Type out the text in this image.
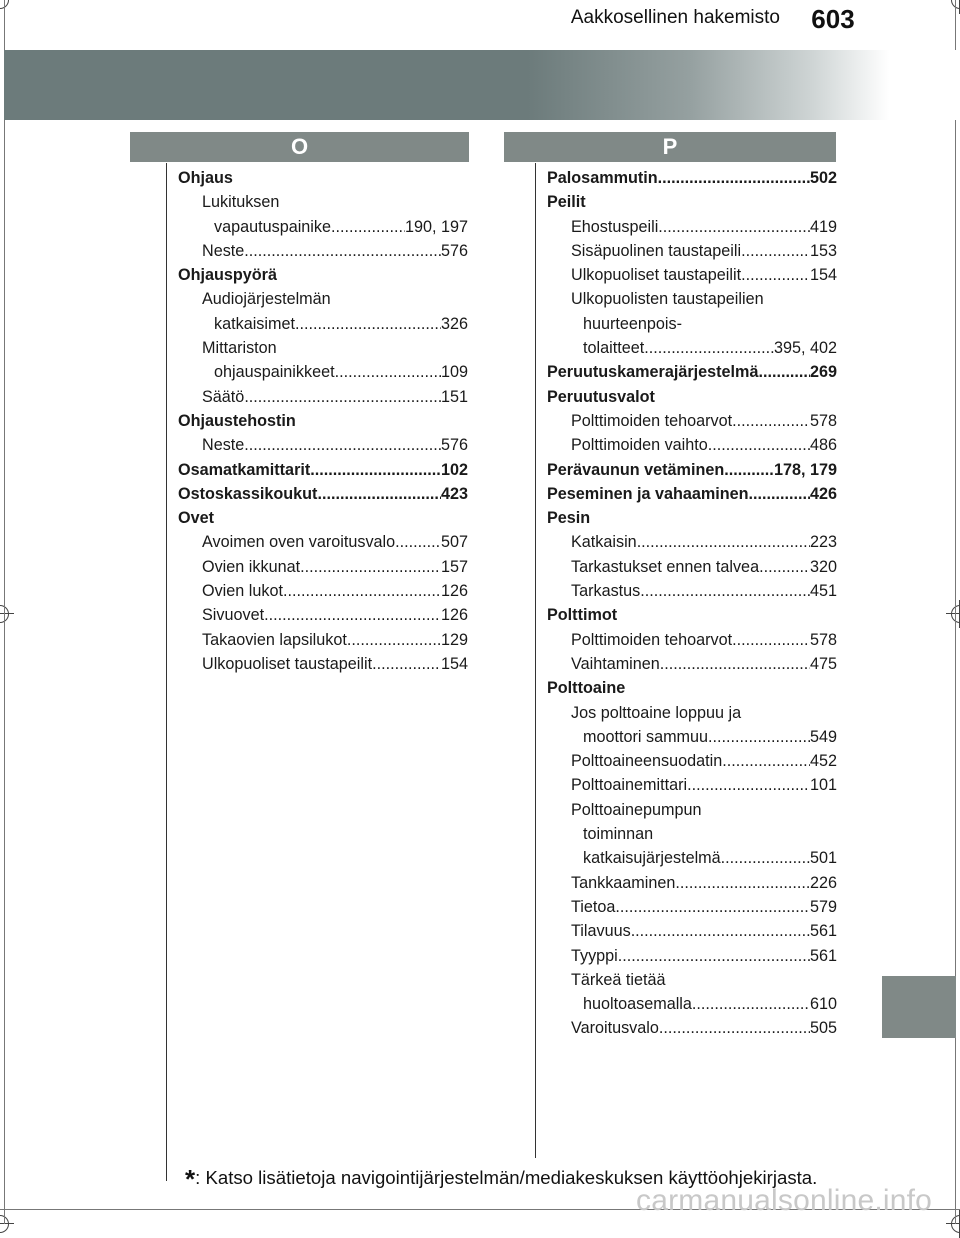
Aakkosellinen hakemisto	603
O	P
Ohjaus
Lukituksen
vapautuspainike .....	190, 197
Neste .....	576
Ohjauspyörä
Audiojärjestelmän
katkaisimet .....	326
Mittariston
ohjauspainikkeet .....	109
Säätö .....	151
Ohjaustehostin
Neste .....	576
Osamatkamittarit .....	102
Ostoskassikoukut .....	423
Ovet
Avoimen oven varoitusvalo .....	507
Ovien ikkunat .....	157
Ovien lukot .....	126
Sivuovet .....	126
Takaovien lapsilukot .....	129
Ulkopuoliset taustapeilit .....	154
Palosammutin .....	502
Peilit
Ehostuspeili .....	419
Sisäpuolinen taustapeili .....	153
Ulkopuoliset taustapeilit .....	154
Ulkopuolisten taustapeilien
huurteenpois-
tolaitteet .....	395, 402
Peruutuskamerajärjestelmä .....	269
Peruutusvalot
Polttimoiden tehoarvot .....	578
Polttimoiden vaihto .....	486
Perävaunun vetäminen .....	178, 179
Peseminen ja vahaaminen .....	426
Pesin
Katkaisin .....	223
Tarkastukset ennen talvea .....	320
Tarkastus .....	451
Polttimot
Polttimoiden tehoarvot .....	578
Vaihtaminen .....	475
Polttoaine
Jos polttoaine loppuu ja
moottori sammuu .....	549
Polttoaineensuodatin .....	452
Polttoainemittari .....	101
Polttoainepumpun
toiminnan
katkaisujärjestelmä .....	501
Tankkaaminen .....	226
Tietoa .....	579
Tilavuus .....	561
Tyyppi .....	561
Tärkeä tietää
huoltoasemalla .....	610
Varoitusvalo .....	505
*: Katso lisätietoja navigointijärjestelmän/mediakeskuksen käyttöohjekirjasta.
carmanualsonline.info
